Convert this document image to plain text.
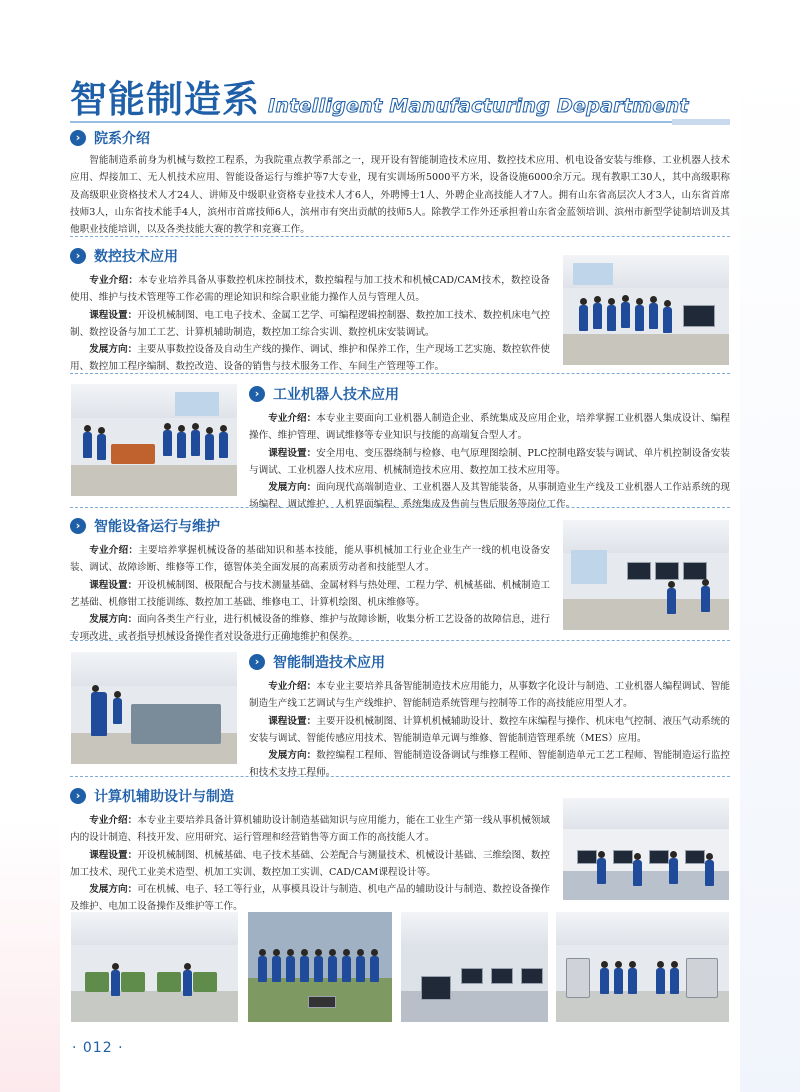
智能制造系 Intelligent Manufacturing Department
› 院系介绍

智能制造系前身为机械与数控工程系，为我院重点教学系部之一，现开设有智能制造技术应用、数控技术应用、机电设备安装与维修、工业机器人技术应用、焊接加工、无人机技术应用、智能设备运行与维护等7大专业，现有实训场所5000平方米，设备设施6000余万元。现有教职工30人，其中高级职称及高级职业资格技术人才24人、讲师及中级职业资格专业技术人才6人，外聘博士1人、外聘企业高技能人才7人。拥有山东省高层次人才3人，山东省首席技师3人，山东省技术能手4人，滨州市首席技师6人，滨州市有突出贡献的技师5人。除教学工作外还承担着山东省金蓝领培训、滨州市新型学徒制培训及其他职业技能培训，以及各类技能大赛的教学和竞赛工作。

› 数控技术应用

专业介绍：本专业培养具备从事数控机床控制技术，数控编程与加工技术和机械CAD/CAM技术，数控设备使用、维护与技术管理等工作必需的理论知识和综合职业能力操作人员与管理人员。

课程设置：开设机械制图、电工电子技术、金属工艺学、可编程逻辑控制器、数控加工技术、数控机床电气控制、数控设备与加工工艺、计算机辅助制造，数控加工综合实训、数控机床安装调试。

发展方向：主要从事数控设备及自动生产线的操作、调试、维护和保养工作，生产现场工艺实施、数控软件使用、数控加工程序编制、数控改造、设备的销售与技术服务工作、车间生产管理等工作。

› 工业机器人技术应用

专业介绍：本专业主要面向工业机器人制造企业、系统集成及应用企业，培养掌握工业机器人集成设计、编程操作、维护管理、调试维修等专业知识与技能的高端复合型人才。

课程设置：安全用电、变压器绕制与检修、电气原理图绘制、PLC控制电路安装与调试、单片机控制设备安装与调试、工业机器人技术应用、机械制造技术应用、数控加工技术应用等。

发展方向：面向现代高端制造业、工业机器人及其智能装备，从事制造业生产线及工业机器人工作站系统的现场编程、调试维护、人机界面编程、系统集成及售前与售后服务等岗位工作。

› 智能设备运行与维护

专业介绍：主要培养掌握机械设备的基础知识和基本技能，能从事机械加工行业企业生产一线的机电设备安装、调试、故障诊断、维修等工作，德智体美全面发展的高素质劳动者和技能型人才。

课程设置：开设机械制图、极限配合与技术测量基础、金属材料与热处理、工程力学、机械基础、机械制造工艺基础、机修钳工技能训练、数控加工基础、维修电工、计算机绘图、机床维修等。

发展方向：面向各类生产行业，进行机械设备的维修、维护与故障诊断，收集分析工艺设备的故障信息，进行专项改进，或者指导机械设备操作者对设备进行正确地维护和保养。

› 智能制造技术应用

专业介绍：本专业主要培养具备智能制造技术应用能力，从事数字化设计与制造、工业机器人编程调试、智能制造生产线工艺调试与生产线维护、智能制造系统管理与控制等工作的高技能应用型人才。

课程设置：主要开设机械制图、计算机机械辅助设计、数控车床编程与操作、机床电气控制、液压气动系统的安装与调试、智能传感应用技术、智能制造单元调与维修、智能制造管理系统（MES）应用。

发展方向：数控编程工程师、智能制造设备调试与维修工程师、智能制造单元工艺工程师、智能制造运行监控和技术支持工程师。

› 计算机辅助设计与制造

专业介绍：本专业主要培养具备计算机辅助设计制造基础知识与应用能力，能在工业生产第一线从事机械领域内的设计制造、科技开发、应用研究、运行管理和经营销售等方面工作的高技能人才。

课程设置：开设机械制图、机械基础、电子技术基础、公差配合与测量技术、机械设计基础、三维绘图、数控加工技术、现代工业美术造型、机加工实训、数控加工实训、CAD/CAM课程设计等。

发展方向：可在机械、电子、轻工等行业，从事模具设计与制造、机电产品的辅助设计与制造、数控设备操作及维护、电加工设备操作及维护等工作。

· 012 ·
